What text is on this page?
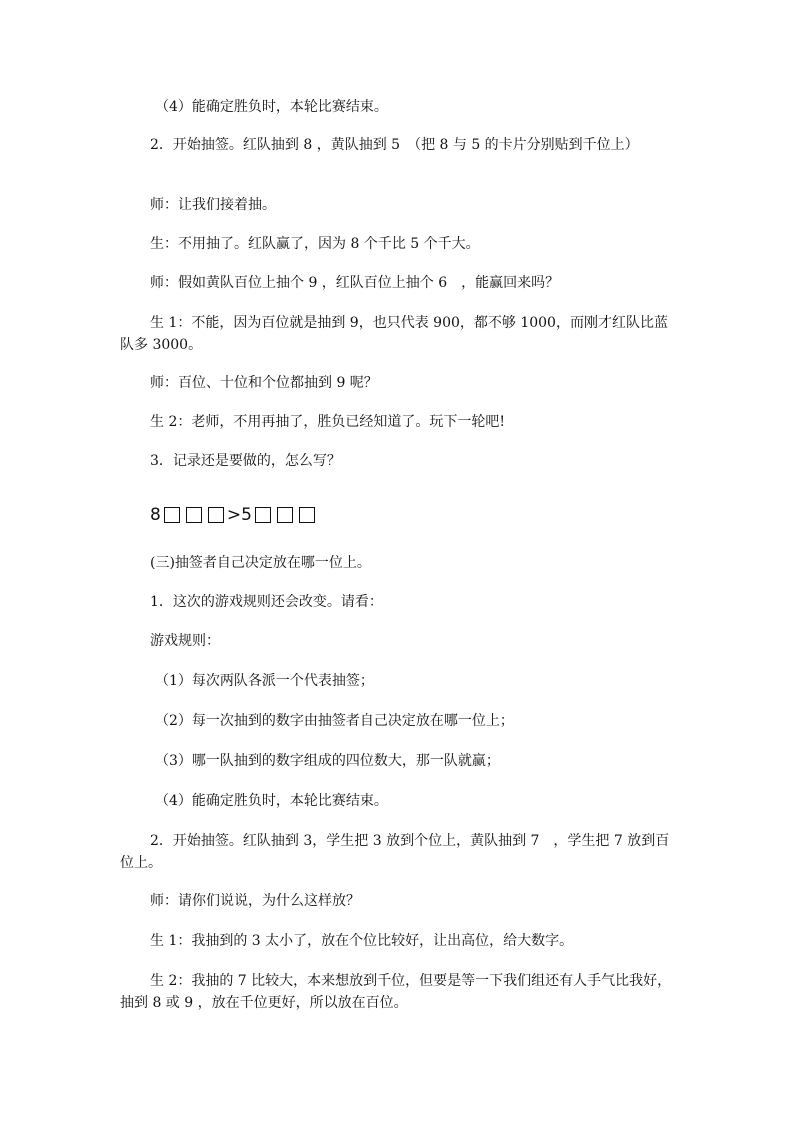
（4）能确定胜负时，本轮比赛结束。
2．开始抽签。红队抽到 8 ，黄队抽到 5　（把 8 与 5 的卡片分别贴到千位上）
师：让我们接着抽。
生：不用抽了。红队赢了，因为 8 个千比 5 个千大。
师：假如黄队百位上抽个 9 ，红队百位上抽个 6　，能赢回来吗？
生 1：不能，因为百位就是抽到 9，也只代表 900，都不够 1000，而刚才红队比蓝队多 3000。
师：百位、十位和个位都抽到 9 呢？
生 2：老师，不用再抽了，胜负已经知道了。玩下一轮吧!
3．记录还是要做的，怎么写？
8	>5
(三)抽签者自己决定放在哪一位上。
1．这次的游戏规则还会改变。请看：
游戏规则：
（1）每次两队各派一个代表抽签；
（2）每一次抽到的数字由抽签者自己决定放在哪一位上；
（3）哪一队抽到的数字组成的四位数大，那一队就赢；
（4）能确定胜负时，本轮比赛结束。
2．开始抽签。红队抽到 3，学生把 3 放到个位上，黄队抽到 7　，学生把 7 放到百位上。
师：请你们说说，为什么这样放？
生 1：我抽到的 3 太小了，放在个位比较好，让出高位，给大数字。
生 2：我抽的 7 比较大，本来想放到千位，但要是等一下我们组还有人手气比我好，抽到 8 或 9 ，放在千位更好，所以放在百位。
